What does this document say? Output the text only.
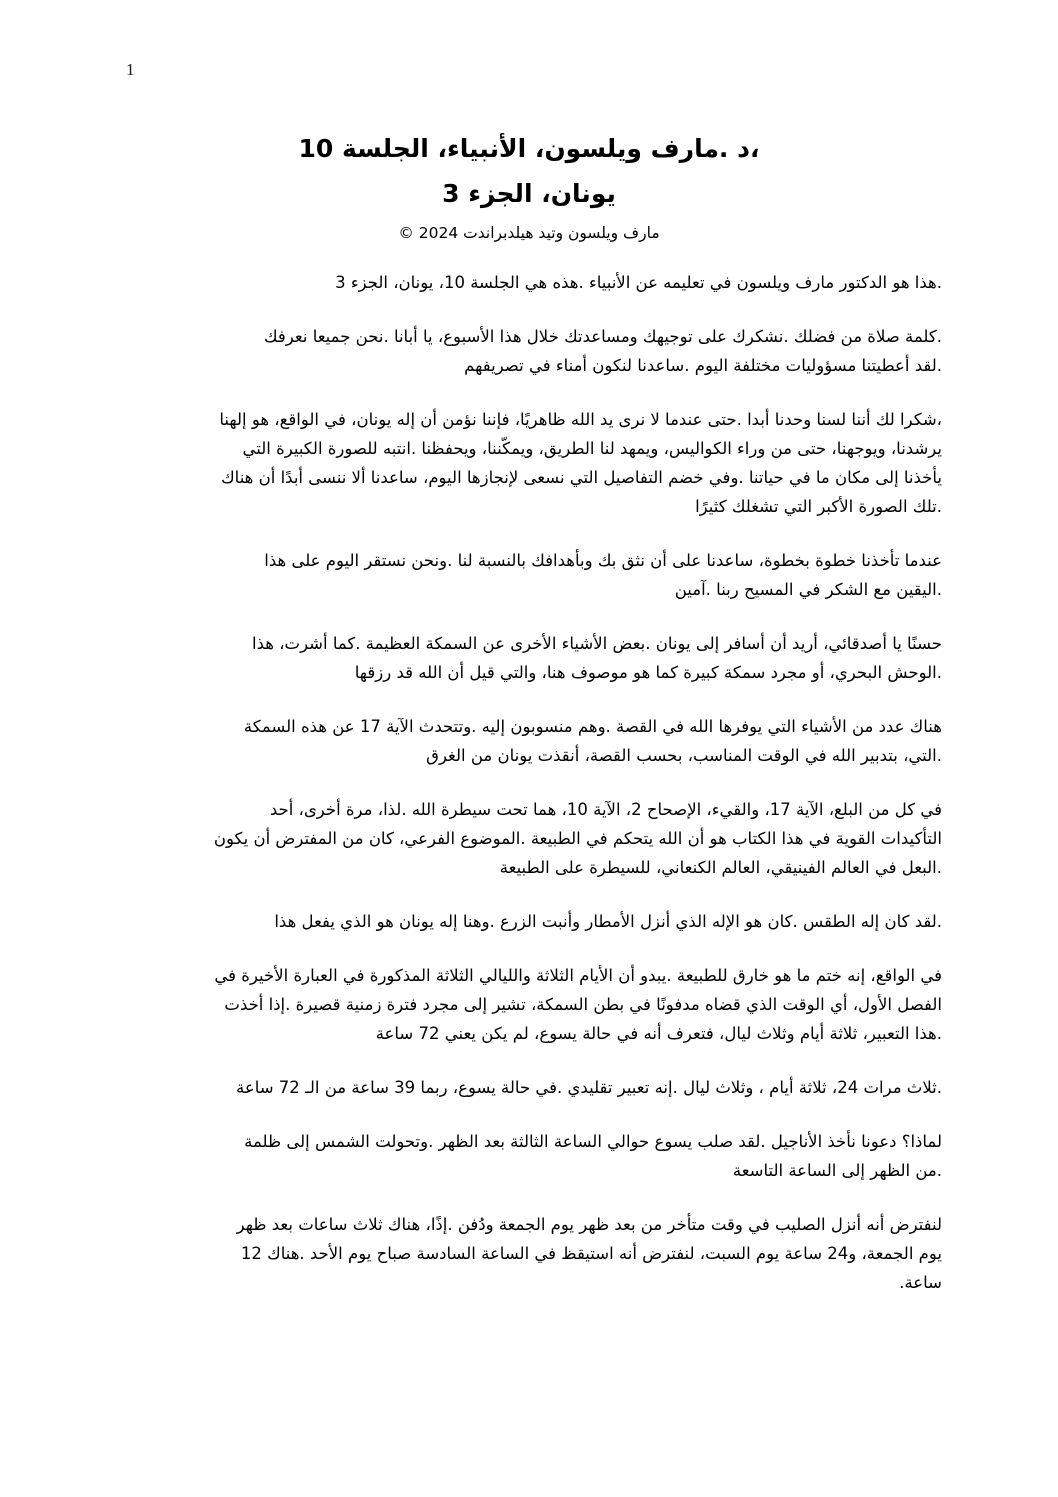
1
،د .مارف ويلسون، الأنبياء، الجلسة 10
يونان، الجزء 3
مارف ويلسون وتيد هيلدبراندت 2024 ©

.هذا هو الدكتور مارف ويلسون في تعليمه عن الأنبياء .هذه هي الجلسة 10، يونان، الجزء 3

.كلمة صلاة من فضلك .نشكرك على توجيهك ومساعدتك خلال هذا الأسبوع، يا أبانا .نحن جميعا نعرفك
.لقد أعطيتنا مسؤوليات مختلفة اليوم .ساعدنا لنكون أمناء في تصريفهم

،شكرا لك أننا لسنا وحدنا أبدا .حتى عندما لا نرى يد الله ظاهريًا، فإننا نؤمن أن إله يونان، في الواقع، هو إلهنا
يرشدنا، ويوجهنا، حتى من وراء الكواليس، ويمهد لنا الطريق، ويمكّننا، ويحفظنا .انتبه للصورة الكبيرة التي
يأخذنا إلى مكان ما في حياتنا .وفي خضم التفاصيل التي نسعى لإنجازها اليوم، ساعدنا ألا ننسى أبدًا أن هناك
.تلك الصورة الأكبر التي تشغلك كثيرًا

عندما تأخذنا خطوة بخطوة، ساعدنا على أن نثق بك وبأهدافك بالنسبة لنا .ونحن نستقر اليوم على هذا
.اليقين مع الشكر في المسيح ربنا .آمين

حسنًا يا أصدقائي، أريد أن أسافر إلى يونان .بعض الأشياء الأخرى عن السمكة العظيمة .كما أشرت، هذا
.الوحش البحري، أو مجرد سمكة كبيرة كما هو موصوف هنا، والتي قيل أن الله قد رزقها

هناك عدد من الأشياء التي يوفرها الله في القصة .وهم منسوبون إليه .وتتحدث الآية 17 عن هذه السمكة
.التي، بتدبير الله في الوقت المناسب، بحسب القصة، أنقذت يونان من الغرق

في كل من البلع، الآية 17، والقيء، الإصحاح 2، الآية 10، هما تحت سيطرة الله .لذا، مرة أخرى، أحد
التأكيدات القوية في هذا الكتاب هو أن الله يتحكم في الطبيعة .الموضوع الفرعي، كان من المفترض أن يكون
.البعل في العالم الفينيقي، العالم الكنعاني، للسيطرة على الطبيعة

.لقد كان إله الطقس .كان هو الإله الذي أنزل الأمطار وأنبت الزرع .وهنا إله يونان هو الذي يفعل هذا

في الواقع، إنه ختم ما هو خارق للطبيعة .يبدو أن الأيام الثلاثة والليالي الثلاثة المذكورة في العبارة الأخيرة في
الفصل الأول، أي الوقت الذي قضاه مدفونًا في بطن السمكة، تشير إلى مجرد فترة زمنية قصيرة .إذا أخذت
.هذا التعبير، ثلاثة أيام وثلاث ليال، فتعرف أنه في حالة يسوع، لم يكن يعني 72 ساعة

.ثلاث مرات 24، ثلاثة أيام ، وثلاث ليال .إنه تعبير تقليدي .في حالة يسوع، ربما 39 ساعة من الـ 72 ساعة

لماذا؟ دعونا نأخذ الأناجيل .لقد صلب يسوع حوالي الساعة الثالثة بعد الظهر .وتحولت الشمس إلى ظلمة
.من الظهر إلى الساعة التاسعة

لنفترض أنه أنزل الصليب في وقت متأخر من بعد ظهر يوم الجمعة ودُفن .إذًا، هناك ثلاث ساعات بعد ظهر
يوم الجمعة، و24 ساعة يوم السبت، لنفترض أنه استيقظ في الساعة السادسة صباح يوم الأحد .هناك 12
ساعة.
